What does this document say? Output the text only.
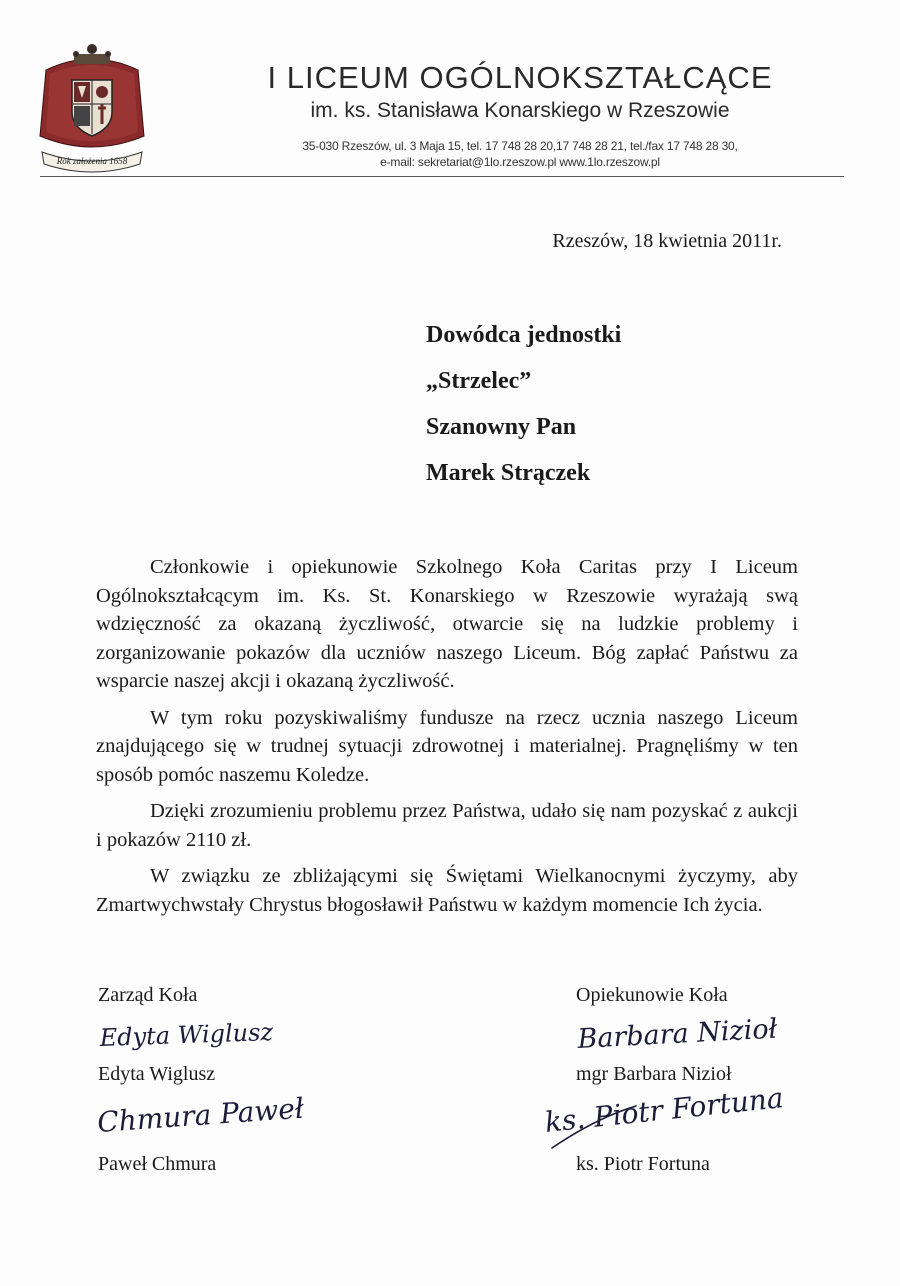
Rok założenia 1658
I LICEUM OGÓLNOKSZTAŁCĄCE
im. ks. Stanisława Konarskiego w Rzeszowie
35-030 Rzeszów, ul. 3 Maja 15, tel. 17 748 28 20,17 748 28 21, tel./fax 17 748 28 30,
e-mail: sekretariat@1lo.rzeszow.pl www.1lo.rzeszow.pl
Rzeszów, 18 kwietnia 2011r.
Dowódca jednostki
„Strzelec”
Szanowny Pan
Marek Strączek

Członkowie i opiekunowie Szkolnego Koła Caritas przy I Liceum Ogólnokształcącym im. Ks. St. Konarskiego w Rzeszowie wyrażają swą wdzięczność za okazaną życzliwość, otwarcie się na ludzkie problemy i zorganizowanie pokazów dla uczniów naszego Liceum. Bóg zapłać Państwu za wsparcie naszej akcji i okazaną życzliwość.

W tym roku pozyskiwaliśmy fundusze na rzecz ucznia naszego Liceum znajdującego się w trudnej sytuacji zdrowotnej i materialnej. Pragnęliśmy w ten sposób pomóc naszemu Koledze.

Dzięki zrozumieniu problemu przez Państwa, udało się nam pozyskać z aukcji i pokazów 2110 zł.

W związku ze zbliżającymi się Świętami Wielkanocnymi życzymy, aby Zmartwychwstały Chrystus błogosławił Państwu w każdym momencie Ich życia.

Zarząd Koła
Edyta Wiglusz
Edyta Wiglusz
Chmura Paweł
Paweł Chmura
Opiekunowie Koła
Barbara Nizioł
mgr Barbara Nizioł
ks. Piotr Fortuna
ks. Piotr Fortuna
